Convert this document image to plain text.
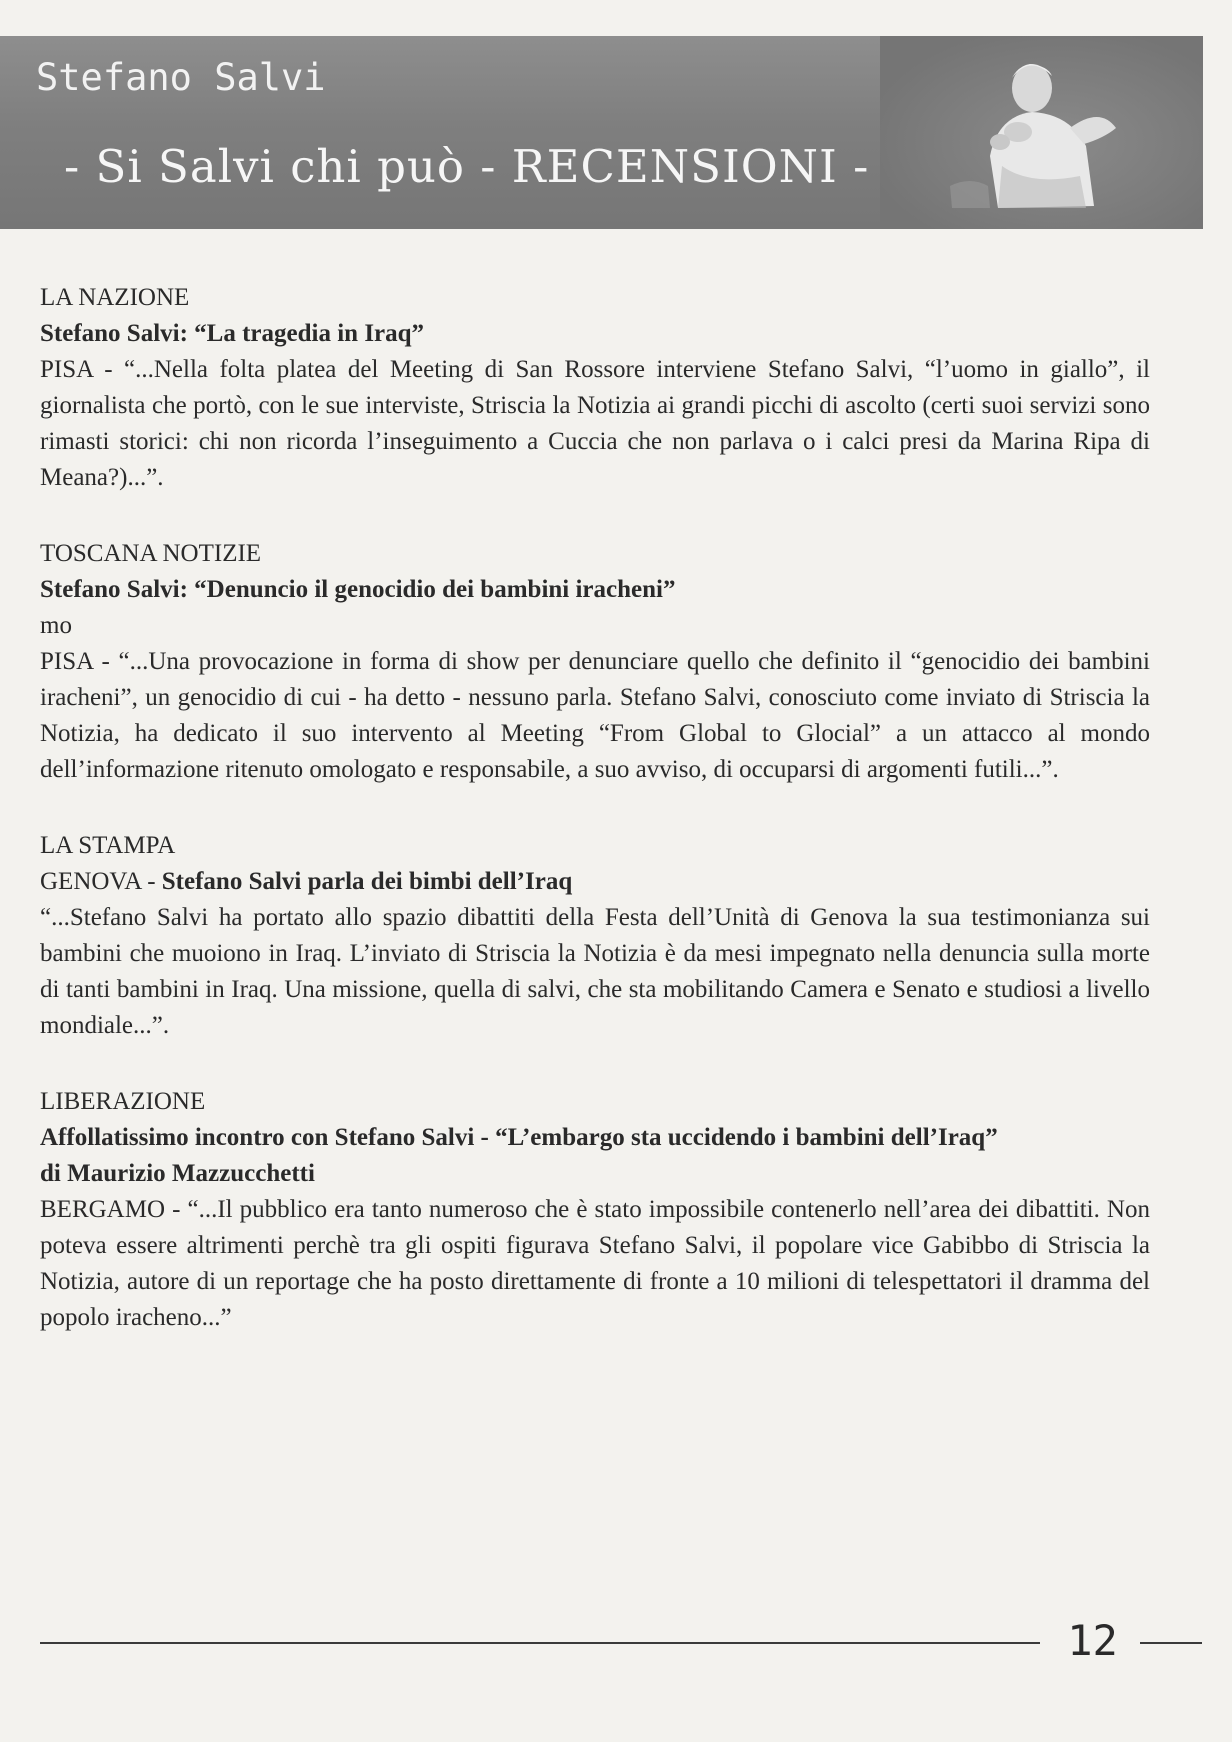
Stefano Salvi
- Si Salvi chi può - RECENSIONI -
LA NAZIONE
Stefano Salvi: “La tragedia in Iraq”
PISA - “...Nella folta platea del Meeting di San Rossore interviene Stefano Salvi, “l’uomo in giallo”, il giornalista che portò, con le sue interviste, Striscia la Notizia ai grandi picchi di ascolto (certi suoi servizi sono rimasti storici: chi non ricorda l’inseguimento a Cuccia che non parlava o i calci presi da Marina Ripa di Meana?)...”.
TOSCANA NOTIZIE
Stefano Salvi: “Denuncio il genocidio dei bambini iracheni”
mo
PISA - “...Una provocazione in forma di show per denunciare quello che definito il “genocidio dei bambini iracheni”, un genocidio di cui - ha detto - nessuno parla. Stefano Salvi, conosciuto come inviato di Striscia la Notizia, ha dedicato il suo intervento al Meeting “From Global to Glocial” a un attacco al mondo dell’informazione ritenuto omologato e responsabile, a suo avviso, di occuparsi di argomenti futili...”.
LA STAMPA
GENOVA - Stefano Salvi parla dei bimbi dell’Iraq
“...Stefano Salvi ha portato allo spazio dibattiti della Festa dell’Unità di Genova la sua testimonianza sui bambini che muoiono in Iraq. L’inviato di Striscia la Notizia è da mesi impegnato nella denuncia sulla morte di tanti bambini in Iraq. Una missione, quella di salvi, che sta mobilitando Camera e Senato e studiosi a livello mondiale...”.
LIBERAZIONE
Affollatissimo incontro con Stefano Salvi - “L’embargo sta uccidendo i bambini dell’Iraq”
di Maurizio Mazzucchetti
BERGAMO - “...Il pubblico era tanto numeroso che è stato impossibile contenerlo nell’area dei dibattiti. Non poteva essere altrimenti perchè tra gli ospiti figurava Stefano Salvi, il popolare vice Gabibbo di Striscia la Notizia, autore di un reportage che ha posto direttamente di fronte a 10 milioni di telespettatori il dramma del popolo iracheno...”
12
